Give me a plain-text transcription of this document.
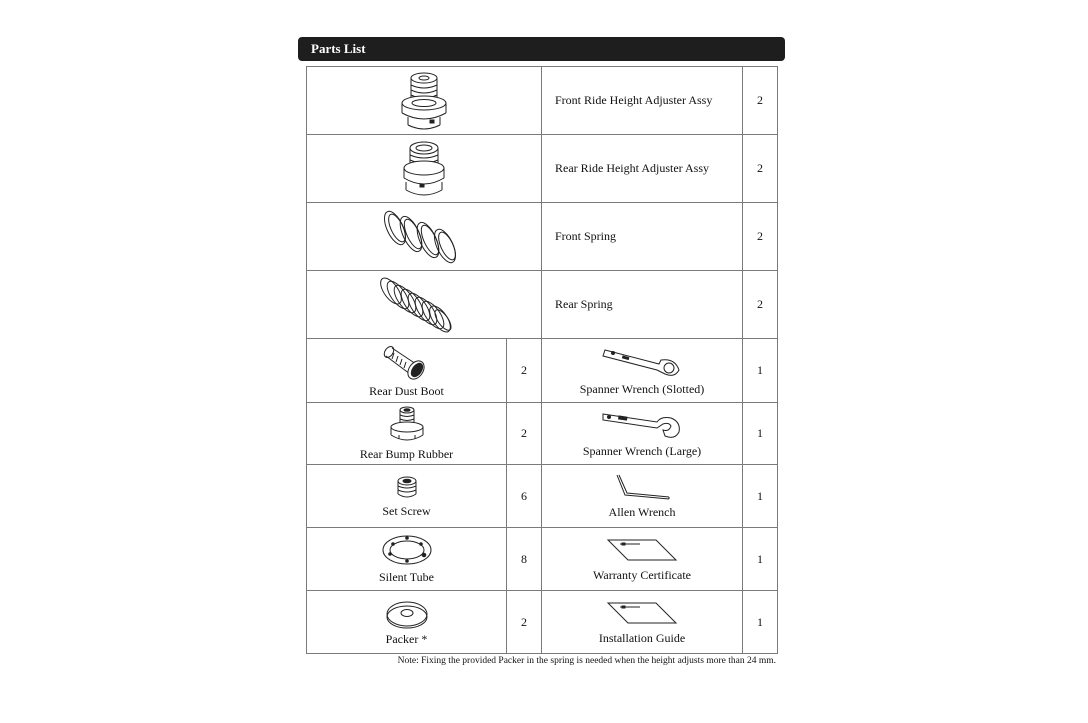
Parts List
	Front Ride Height Adjuster Assy	2

	Rear Ride Height Adjuster Assy	2

	Front Spring	2

	Rear Spring	2

Rear Dust Boot	2	Spanner Wrench (Slotted)	1

Rear Bump Rubber	2	Spanner Wrench (Large)	1

Set Screw	6	Allen Wrench	1

Silent Tube	8	Warranty Certificate	1

Packer *	2	Installation Guide	1
Note: Fixing the provided Packer in the spring is needed when the height adjusts more than 24 mm.
